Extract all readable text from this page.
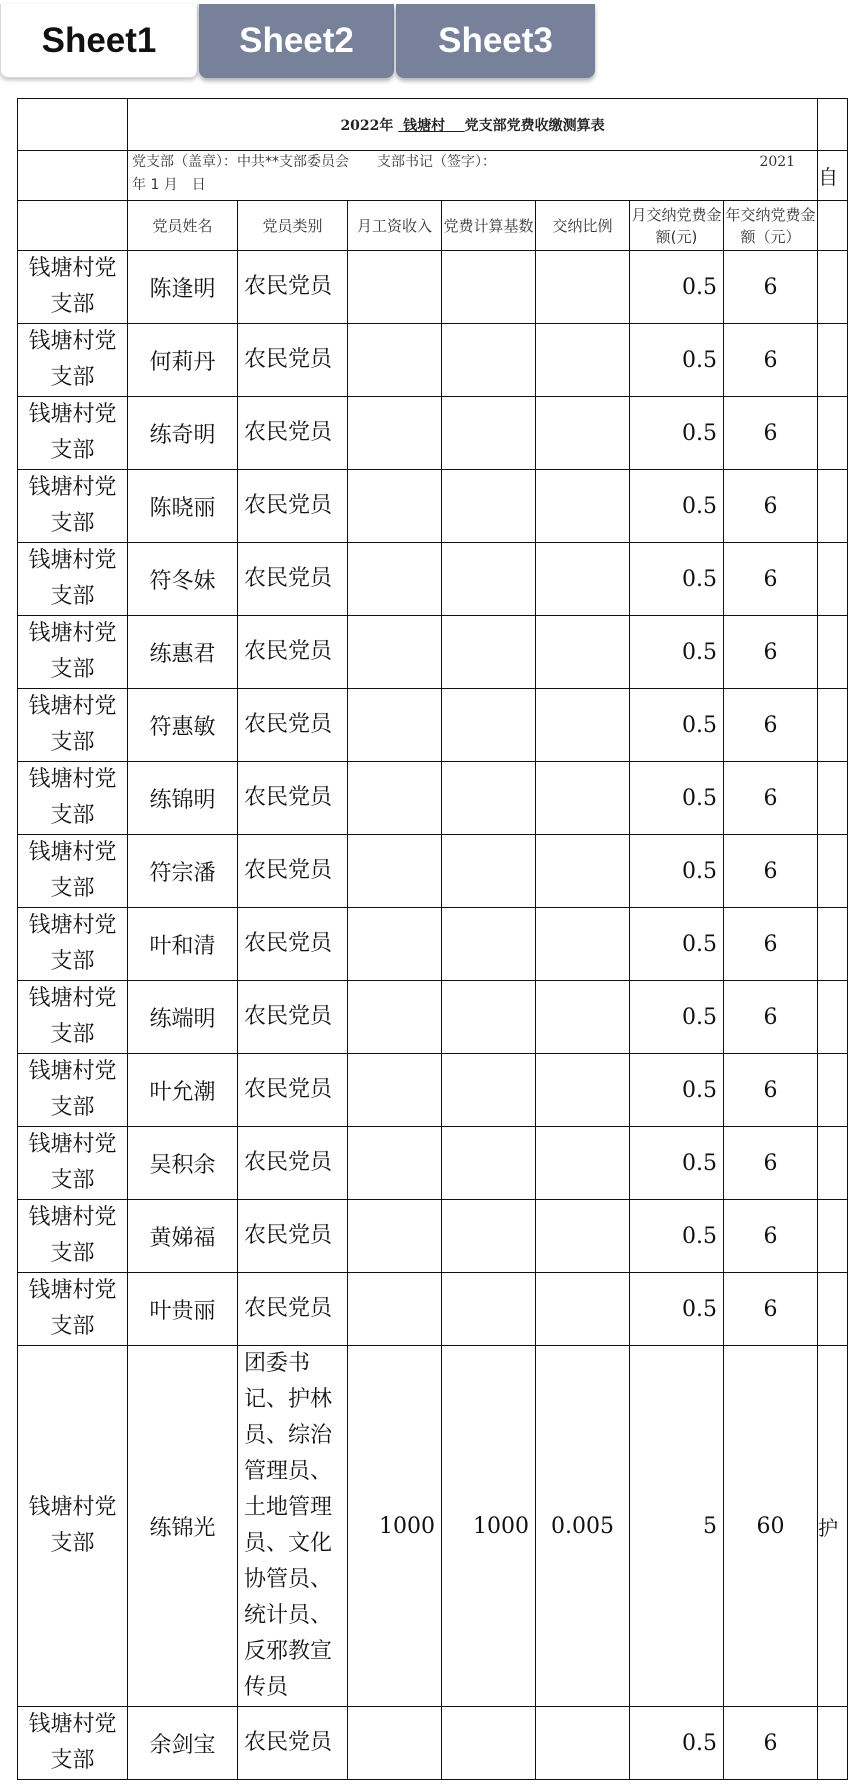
Sheet1	Sheet2	Sheet3
	2022年 钱塘村 党支部党费收缴测算表							

	2021
党支部（盖章）：中共**支部委员会　　支部书记（签字）：
年 1 月　日							自
	党员姓名	党员类别	月工资收入	党费计算基数	交纳比例	月交纳党费金额(元)	年交纳党费金额（元）	
钱塘村党支部	陈逢明	农民党员				0.5	6	
钱塘村党支部	何莉丹	农民党员				0.5	6	
钱塘村党支部	练奇明	农民党员				0.5	6	
钱塘村党支部	陈晓丽	农民党员				0.5	6	
钱塘村党支部	符冬妹	农民党员				0.5	6	
钱塘村党支部	练惠君	农民党员				0.5	6	
钱塘村党支部	符惠敏	农民党员				0.5	6	
钱塘村党支部	练锦明	农民党员				0.5	6	
钱塘村党支部	符宗潘	农民党员				0.5	6	
钱塘村党支部	叶和清	农民党员				0.5	6	
钱塘村党支部	练端明	农民党员				0.5	6	
钱塘村党支部	叶允潮	农民党员				0.5	6	
钱塘村党支部	吴积余	农民党员				0.5	6	
钱塘村党支部	黄娣福	农民党员				0.5	6	
钱塘村党支部	叶贵丽	农民党员				0.5	6	
钱塘村党支部	练锦光	团委书记、护林员、综治管理员、土地管理员、文化协管员、统计员、反邪教宣传员	1000	1000	0.005	5	60	护
钱塘村党支部	余剑宝	农民党员				0.5	6	
